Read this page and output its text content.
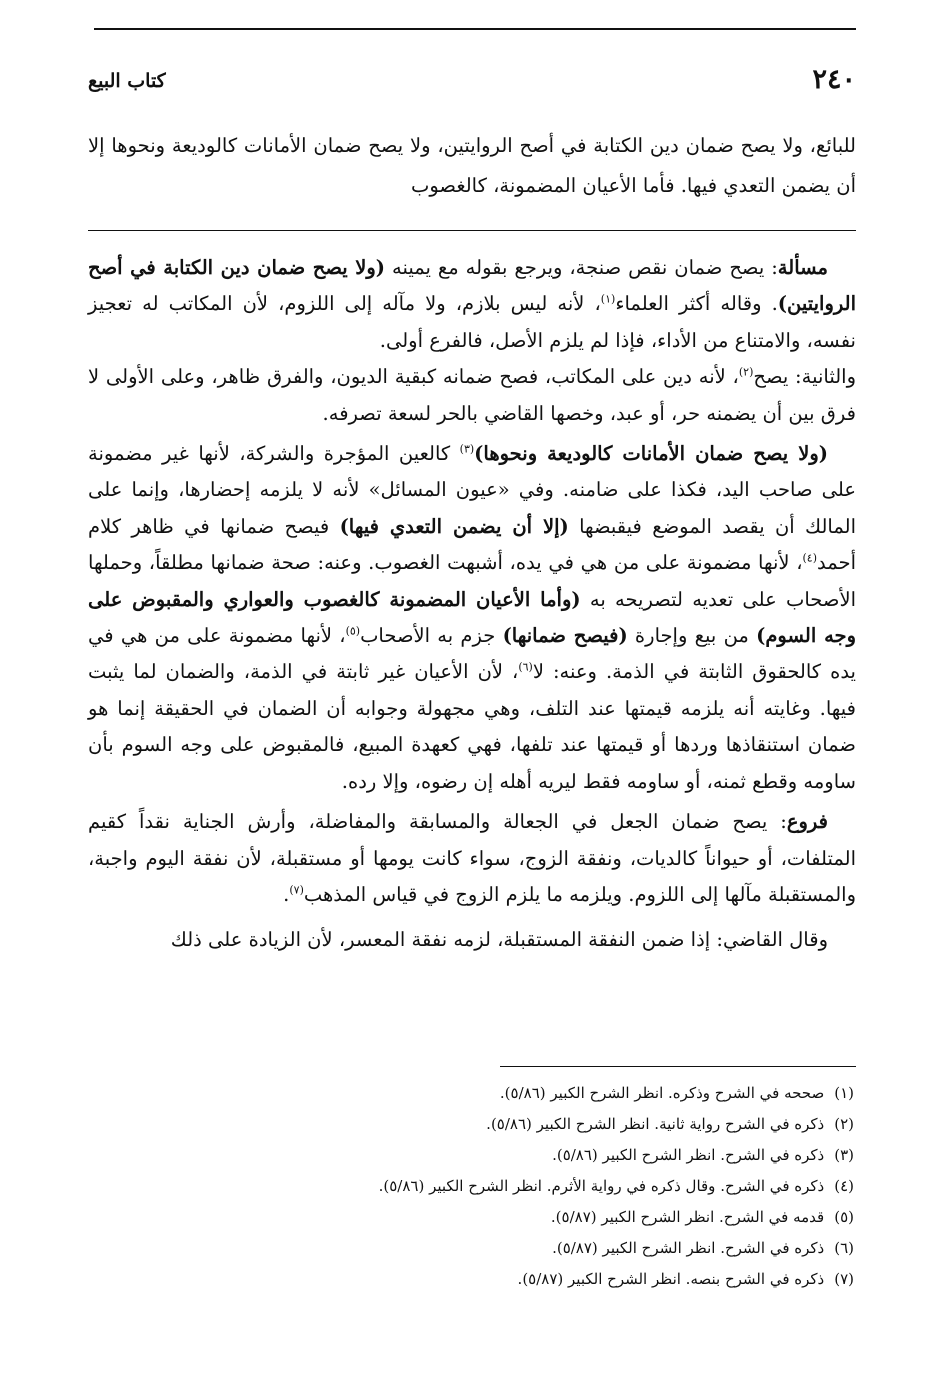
٢٤٠
كتاب البيع

للبائع، ولا يصح ضمان دين الكتابة في أصح الروايتين، ولا يصح ضمان الأمانات كالوديعة ونحوها إلا أن يضمن التعدي فيها. فأما الأعيان المضمونة، كالغصوب

مسألة: يصح ضمان نقص صنجة، ويرجع بقوله مع يمينه (ولا يصح ضمان دين الكتابة في أصح الروايتين). وقاله أكثر العلماء$^{(١)}$، لأنه ليس بلازم، ولا مآله إلى اللزوم، لأن المكاتب له تعجيز نفسه، والامتناع من الأداء، فإذا لم يلزم الأصل، فالفرع أولى.

والثانية: يصح$^{(٢)}$، لأنه دين على المكاتب، فصح ضمانه كبقية الديون، والفرق ظاهر، وعلى الأولى لا فرق بين أن يضمنه حر، أو عبد، وخصها القاضي بالحر لسعة تصرفه.

(ولا يصح ضمان الأمانات كالوديعة ونحوها)$^{(٣)}$ كالعين المؤجرة والشركة، لأنها غير مضمونة على صاحب اليد، فكذا على ضامنه. وفي «عيون المسائل» لأنه لا يلزمه إحضارها، وإنما على المالك أن يقصد الموضع فيقبضها (إلا أن يضمن التعدي فيها) فيصح ضمانها في ظاهر كلام أحمد$^{(٤)}$، لأنها مضمونة على من هي في يده، أشبهت الغصوب. وعنه: صحة ضمانها مطلقاً، وحملها الأصحاب على تعديه لتصريحه به (وأما الأعيان المضمونة كالغصوب والعواري والمقبوض على وجه السوم) من بيع وإجارة (فيصح ضمانها) جزم به الأصحاب$^{(٥)}$، لأنها مضمونة على من هي في يده كالحقوق الثابتة في الذمة. وعنه: لا$^{(٦)}$، لأن الأعيان غير ثابتة في الذمة، والضمان لما يثبت فيها. وغايته أنه يلزمه قيمتها عند التلف، وهي مجهولة وجوابه أن الضمان في الحقيقة إنما هو ضمان استنقاذها وردها أو قيمتها عند تلفها، فهي كعهدة المبيع، فالمقبوض على وجه السوم بأن ساومه وقطع ثمنه، أو ساومه فقط ليريه أهله إن رضوه، وإلا رده.

فروع: يصح ضمان الجعل في الجعالة والمسابقة والمفاضلة، وأرش الجناية نقداً كقيم المتلفات، أو حيواناً كالديات، ونفقة الزوج، سواء كانت يومها أو مستقبلة، لأن نفقة اليوم واجبة، والمستقبلة مآلها إلى اللزوم. ويلزمه ما يلزم الزوج في قياس المذهب$^{(٧)}$.

وقال القاضي: إذا ضمن النفقة المستقبلة، لزمه نفقة المعسر، لأن الزيادة على ذلك

(١)صححه في الشرح وذكره. انظر الشرح الكبير (٥/٨٦).
(٢)ذكره في الشرح رواية ثانية. انظر الشرح الكبير (٥/٨٦).
(٣)ذكره في الشرح. انظر الشرح الكبير (٥/٨٦).
(٤)ذكره في الشرح. وقال ذكره في رواية الأثرم. انظر الشرح الكبير (٥/٨٦).
(٥)قدمه في الشرح. انظر الشرح الكبير (٥/٨٧).
(٦)ذكره في الشرح. انظر الشرح الكبير (٥/٨٧).
(٧)ذكره في الشرح بنصه. انظر الشرح الكبير (٥/٨٧).
